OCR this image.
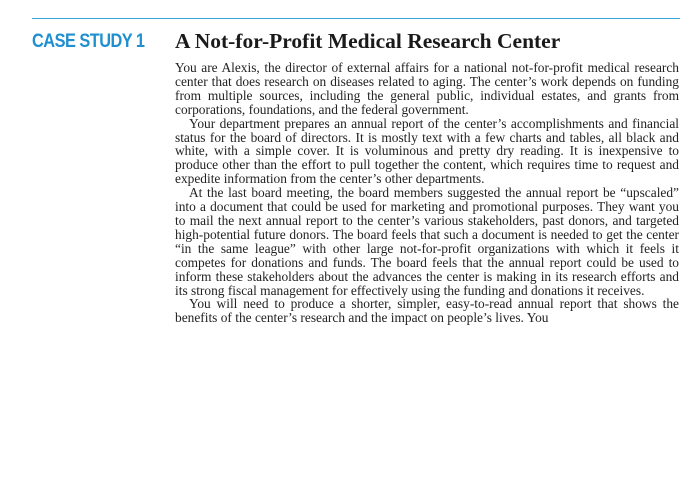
CASE STUDY 1 A Not-for-Profit Medical Research Center

You are Alexis, the director of external affairs for a national not-for-profit medical research center that does research on diseases related to aging. The center’s work depends on funding from multiple sources, including the general public, individual estates, and grants from corporations, foundations, and the federal government.

Your department prepares an annual report of the center’s accomplishments and financial status for the board of directors. It is mostly text with a few charts and tables, all black and white, with a simple cover. It is voluminous and pretty dry reading. It is inexpensive to produce other than the effort to pull together the content, which requires time to request and expedite information from the center’s other departments.

At the last board meeting, the board members suggested the annual report be “upscaled” into a document that could be used for marketing and promotional purposes. They want you to mail the next annual report to the center’s various stakeholders, past donors, and targeted high-potential future donors. The board feels that such a document is needed to get the center “in the same league” with other large not-for-profit organizations with which it feels it competes for donations and funds. The board feels that the annual report could be used to inform these stakeholders about the advances the center is making in its research efforts and its strong fiscal management for effectively using the funding and donations it receives.

You will need to produce a shorter, simpler, easy-to-read annual report that shows the benefits of the center’s research and the impact on people’s lives. You
